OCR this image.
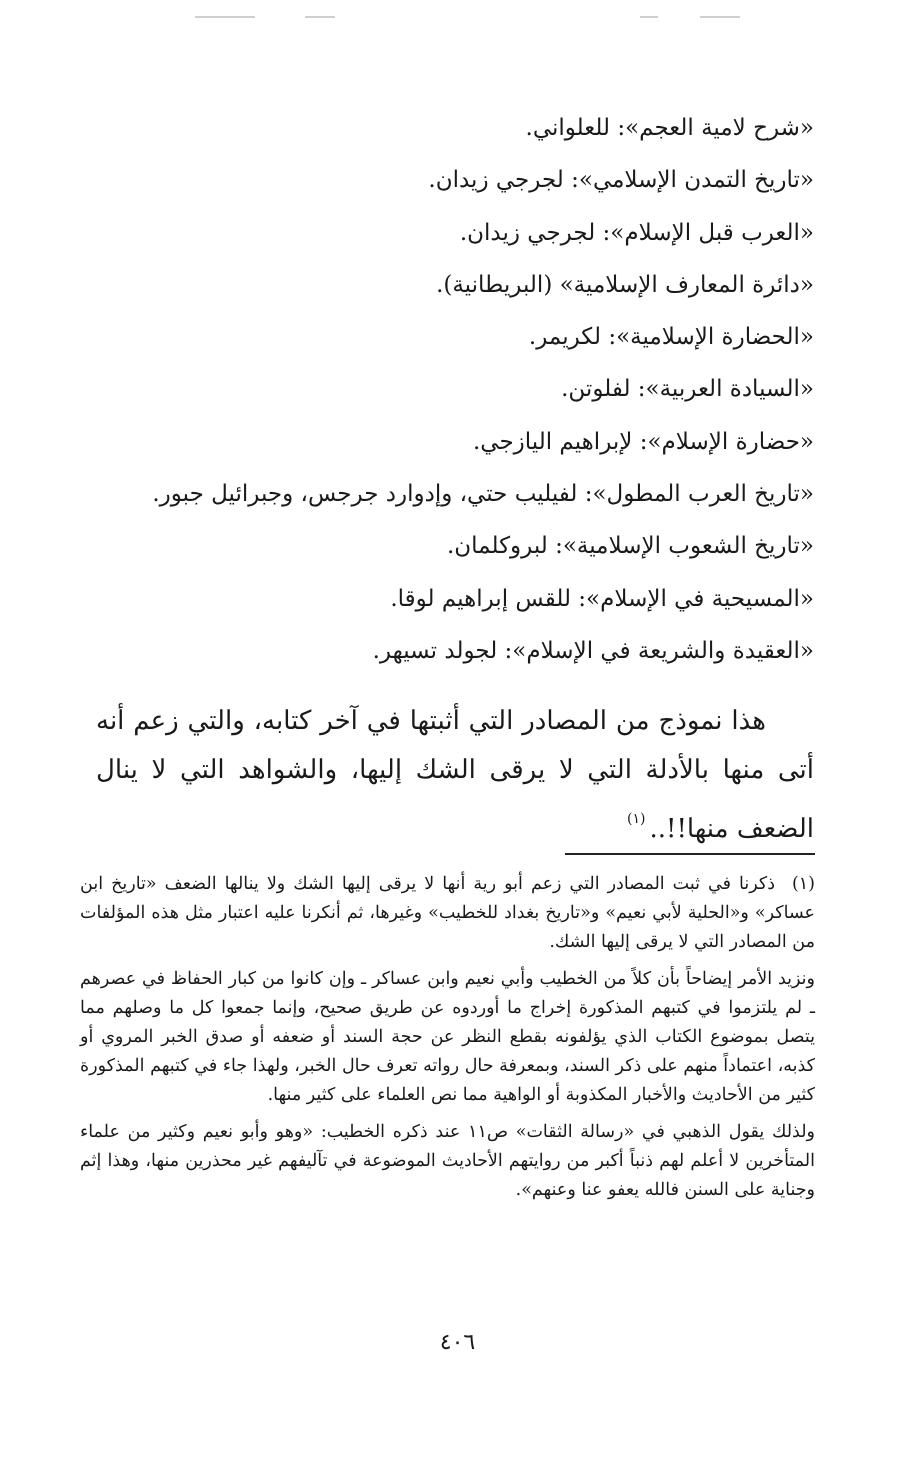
«شرح لامية العجم»: للعلواني.
«تاريخ التمدن الإسلامي»: لجرجي زيدان.
«العرب قبل الإسلام»: لجرجي زيدان.
«دائرة المعارف الإسلامية» (البريطانية).
«الحضارة الإسلامية»: لكريمر.
«السيادة العربية»: لفلوتن.
«حضارة الإسلام»: لإبراهيم اليازجي.
«تاريخ العرب المطول»: لفيليب حتي، وإدوارد جرجس، وجبرائيل جبور.
«تاريخ الشعوب الإسلامية»: لبروكلمان.
«المسيحية في الإسلام»: للقس إبراهيم لوقا.
«العقيدة والشريعة في الإسلام»: لجولد تسيهر.

هذا نموذج من المصادر التي أثبتها في آخر كتابه، والتي زعم أنه أتى منها بالأدلة التي لا يرقى الشك إليها، والشواهد التي لا ينال الضعف منها!!..$^{(١)}$

(١)ذكرنا في ثبت المصادر التي زعم أبو رية أنها لا يرقى إليها الشك ولا ينالها الضعف «تاريخ ابن عساكر» و«الحلية لأبي نعيم» و«تاريخ بغداد للخطيب» وغيرها، ثم أنكرنا عليه اعتبار مثل هذه المؤلفات من المصادر التي لا يرقى إليها الشك.

ونزيد الأمر إيضاحاً بأن كلاً من الخطيب وأبي نعيم وابن عساكر ـ وإن كانوا من كبار الحفاظ في عصرهم ـ لم يلتزموا في كتبهم المذكورة إخراج ما أوردوه عن طريق صحيح، وإنما جمعوا كل ما وصلهم مما يتصل بموضوع الكتاب الذي يؤلفونه بقطع النظر عن حجة السند أو ضعفه أو صدق الخبر المروي أو كذبه، اعتماداً منهم على ذكر السند، وبمعرفة حال رواته تعرف حال الخبر، ولهذا جاء في كتبهم المذكورة كثير من الأحاديث والأخبار المكذوبة أو الواهية مما نص العلماء على كثير منها.

ولذلك يقول الذهبي في «رسالة الثقات» ص١١ عند ذكره الخطيب: «وهو وأبو نعيم وكثير من علماء المتأخرين لا أعلم لهم ذنباً أكبر من روايتهم الأحاديث الموضوعة في تآليفهم غير محذرين منها، وهذا إثم وجناية على السنن فالله يعفو عنا وعنهم».

٤٠٦
